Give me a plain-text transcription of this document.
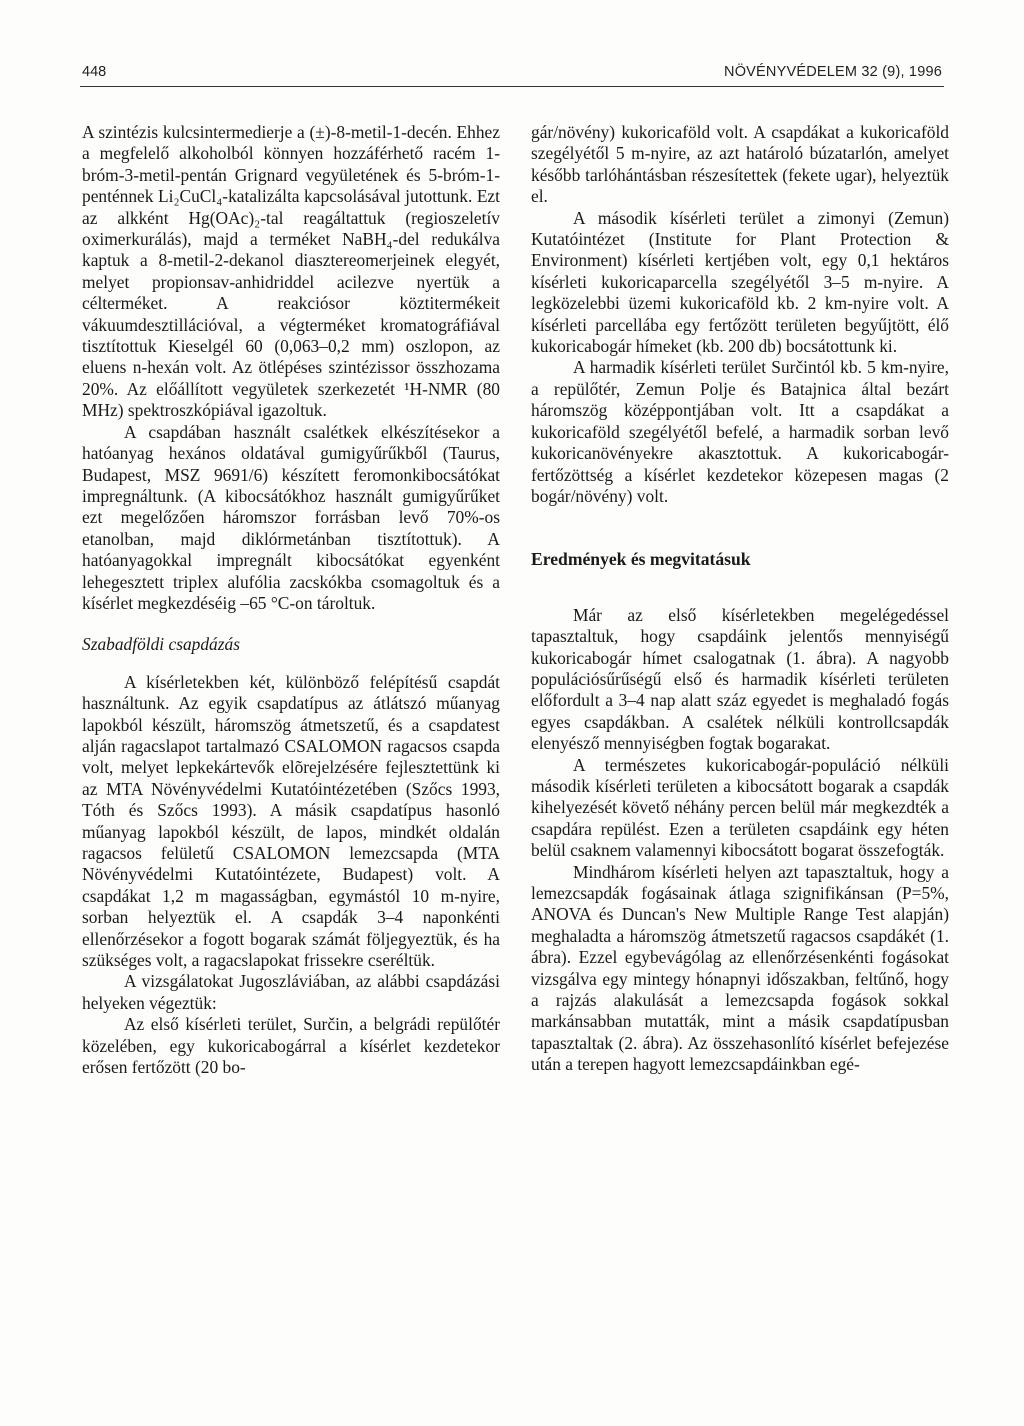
448	NÖVÉNYVÉDELEM 32 (9), 1996

A szintézis kulcsintermedierje a (±)-8-metil-1-decén. Ehhez a megfelelő alkoholból könnyen hozzáférhető racém 1-bróm-3-metil-pentán Grignard vegyületének és 5-bróm-1-penténnek Li₂CuCl₄-katalizálta kapcsolásával jutottunk. Ezt az alkként Hg(OAc)₂-tal reagáltattuk (regioszeletív oximerkurálás), majd a terméket NaBH₄-del redukálva kaptuk a 8-metil-2-dekanol diasztereomerjeinek elegyét, melyet propionsav-anhidriddel acilezve nyertük a célterméket. A reakciósor köztitermékeit vákuumdesztillációval, a végterméket kromatográfiával tisztítottuk Kieselgél 60 (0,063–0,2 mm) oszlopon, az eluens n-hexán volt. Az ötlépéses szintézissor összhozama 20%. Az előállított vegyületek szerkezetét ¹H-NMR (80 MHz) spektroszkópiával igazoltuk.

A csapdában használt csalétkek elkészítésekor a hatóanyag hexános oldatával gumigyűrűkből (Taurus, Budapest, MSZ 9691/6) készített feromonkibocsátókat impregnáltunk. (A kibocsátókhoz használt gumigyűrűket ezt megelőzően háromszor forrásban levő 70%-os etanolban, majd diklórmetánban tisztítottuk). A hatóanyagokkal impregnált kibocsátókat egyenként lehegesztett triplex alufólia zacskókba csomagoltuk és a kísérlet megkezdéséig –65 °C-on tároltuk.

Szabadföldi csapdázás

A kísérletekben két, különböző felépítésű csapdát használtunk. Az egyik csapdatípus az átlátszó műanyag lapokból készült, háromszög átmetszetű, és a csapdatest alján ragacslapot tartalmazó CSALOMON ragacsos csapda volt, melyet lepkekártevők elõrejelzésére fejlesztettünk ki az MTA Növényvédelmi Kutatóintézetében (Szőcs 1993, Tóth és Szőcs 1993). A másik csapdatípus hasonló műanyag lapokból készült, de lapos, mindkét oldalán ragacsos felületű CSALOMON lemezcsapda (MTA Növényvédelmi Kutatóintézete, Budapest) volt. A csapdákat 1,2 m magasságban, egymástól 10 m-nyire, sorban helyeztük el. A csapdák 3–4 naponkénti ellenőrzésekor a fogott bogarak számát följegyeztük, és ha szükséges volt, a ragacslapokat frissekre cseréltük.

A vizsgálatokat Jugoszláviában, az alábbi csapdázási helyeken végeztük:

Az első kísérleti terület, Surčin, a belgrádi repülőtér közelében, egy kukoricabogárral a kísérlet kezdetekor erősen fertőzött (20 bo-

gár/növény) kukoricaföld volt. A csapdákat a kukoricaföld szegélyétől 5 m-nyire, az azt határoló búzatarlón, amelyet később tarlóhántásban részesítettek (fekete ugar), helyeztük el.

A második kísérleti terület a zimonyi (Zemun) Kutatóintézet (Institute for Plant Protection & Environment) kísérleti kertjében volt, egy 0,1 hektáros kísérleti kukoricaparcella szegélyétől 3–5 m-nyire. A legközelebbi üzemi kukoricaföld kb. 2 km-nyire volt. A kísérleti parcellába egy fertőzött területen begyűjtött, élő kukoricabogár hímeket (kb. 200 db) bocsátottunk ki.

A harmadik kísérleti terület Surčintól kb. 5 km-nyire, a repülőtér, Zemun Polje és Batajnica által bezárt háromszög középpontjában volt. Itt a csapdákat a kukoricaföld szegélyétől befelé, a harmadik sorban levő kukoricanövényekre akasztottuk. A kukoricabogár-fertőzöttség a kísérlet kezdetekor közepesen magas (2 bogár/növény) volt.

Eredmények és megvitatásuk

Már az első kísérletekben megelégedéssel tapasztaltuk, hogy csapdáink jelentős mennyiségű kukoricabogár hímet csalogatnak (1. ábra). A nagyobb populációsűrűségű első és harmadik kísérleti területen előfordult a 3–4 nap alatt száz egyedet is meghaladó fogás egyes csapdákban. A csalétek nélküli kontrollcsapdák elenyésző mennyiségben fogtak bogarakat.

A természetes kukoricabogár-populáció nélküli második kísérleti területen a kibocsátott bogarak a csapdák kihelyezését követő néhány percen belül már megkezdték a csapdára repülést. Ezen a területen csapdáink egy héten belül csaknem valamennyi kibocsátott bogarat összefogták.

Mindhárom kísérleti helyen azt tapasztaltuk, hogy a lemezcsapdák fogásainak átlaga szignifikánsan (P=5%, ANOVA és Duncan's New Multiple Range Test alapján) meghaladta a háromszög átmetszetű ragacsos csapdákét (1. ábra). Ezzel egybevágólag az ellenőrzésenkénti fogásokat vizsgálva egy mintegy hónapnyi időszakban, feltűnő, hogy a rajzás alakulását a lemezcsapda fogások sokkal markánsabban mutatták, mint a másik csapdatípusban tapasztaltak (2. ábra). Az összehasonlító kísérlet befejezése után a terepen hagyott lemezcsapdáinkban egé-
